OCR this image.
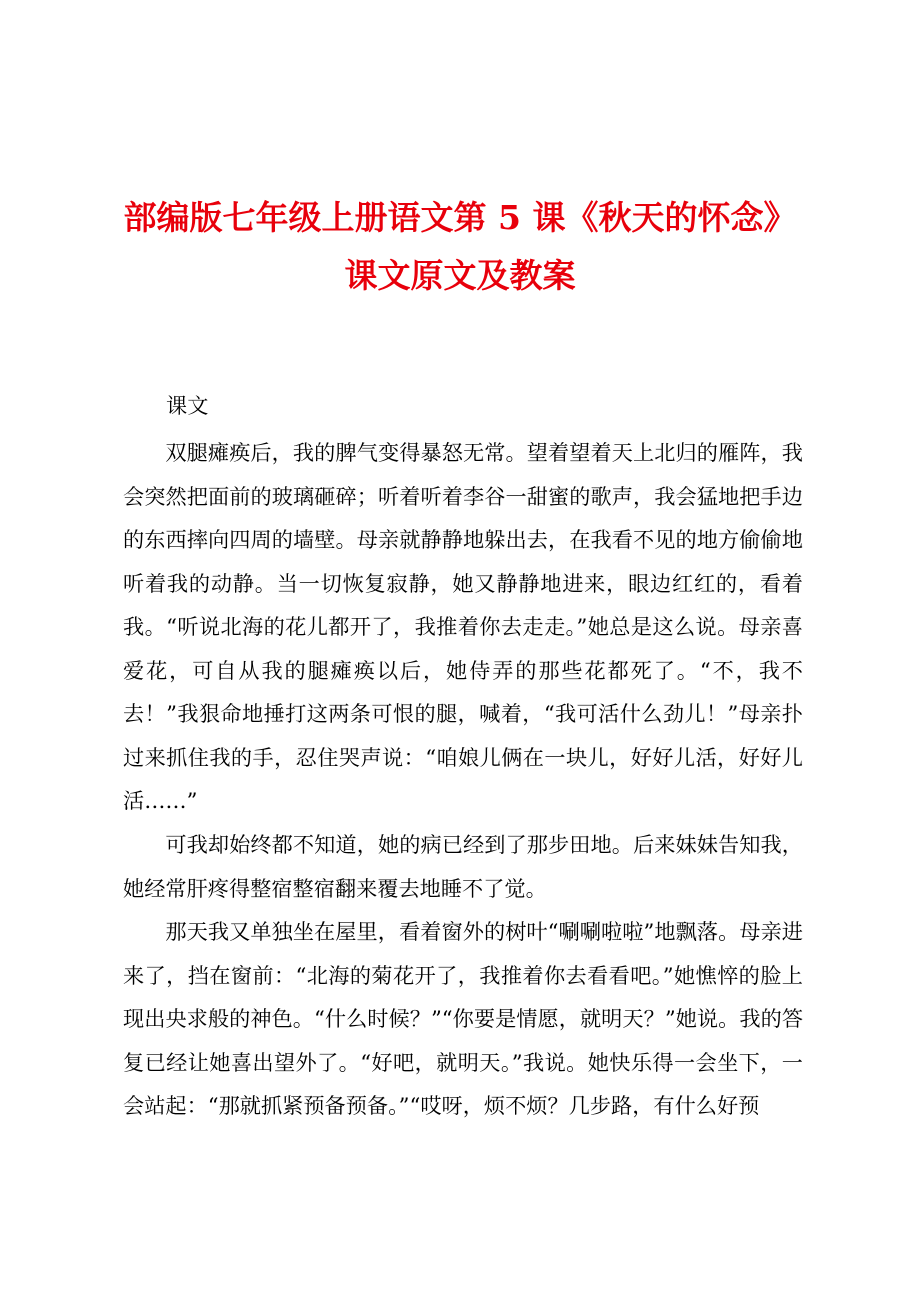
部编版七年级上册语文第 5 课《秋天的怀念》
课文原文及教案
课文

双腿瘫痪后，我的脾气变得暴怒无常。望着望着天上北归的雁阵，我会突然把面前的玻璃砸碎；听着听着李谷一甜蜜的歌声，我会猛地把手边的东西摔向四周的墙壁。母亲就静静地躲出去，在我看不见的地方偷偷地听着我的动静。当一切恢复寂静，她又静静地进来，眼边红红的，看着我。“听说北海的花儿都开了，我推着你去走走。”她总是这么说。母亲喜爱花，可自从我的腿瘫痪以后，她侍弄的那些花都死了。“不，我不去！”我狠命地捶打这两条可恨的腿，喊着，“我可活什么劲儿！”母亲扑过来抓住我的手，忍住哭声说：“咱娘儿俩在一块儿，好好儿活，好好儿活……”

可我却始终都不知道，她的病已经到了那步田地。后来妹妹告知我，她经常肝疼得整宿整宿翻来覆去地睡不了觉。

那天我又单独坐在屋里，看着窗外的树叶“唰唰啦啦”地飘落。母亲进来了，挡在窗前：“北海的菊花开了，我推着你去看看吧。”她憔悴的脸上现出央求般的神色。“什么时候？”“你要是情愿，就明天？”她说。我的答复已经让她喜出望外了。“好吧，就明天。”我说。她快乐得一会坐下，一会站起：“那就抓紧预备预备。”“哎呀，烦不烦？几步路，有什么好预
